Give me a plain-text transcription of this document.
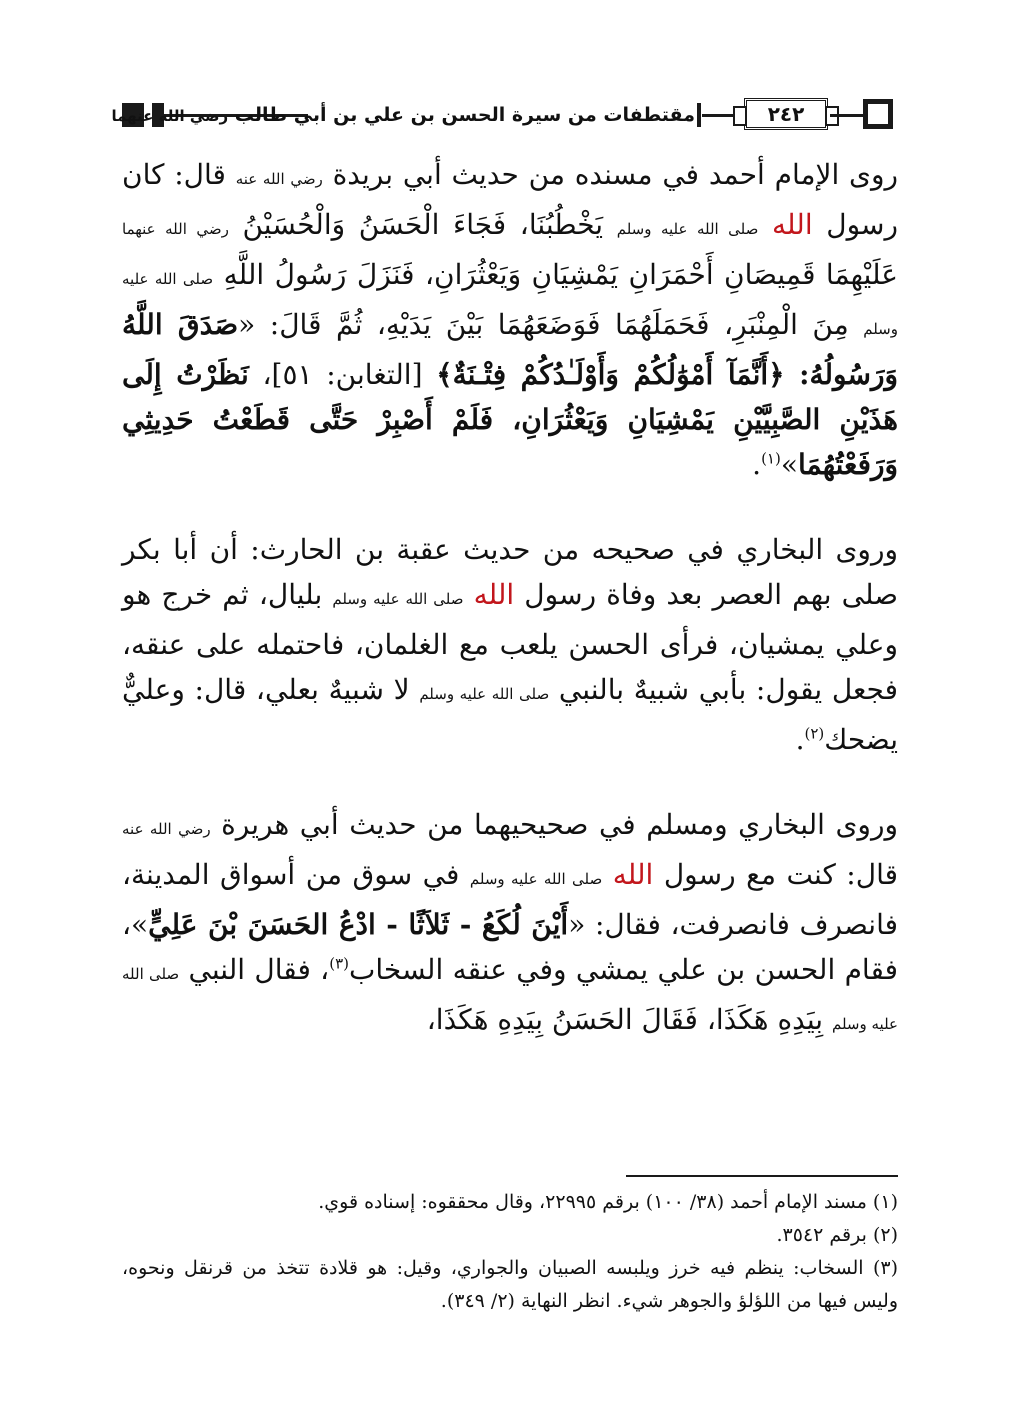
مقتطفات من سيرة الحسن بن علي بن أبي طالب رضي الله عنهما	٢٤٢

روى الإمام أحمد في مسنده من حديث أبي بريدة رضي الله عنه قال: كان رسول الله صلى الله عليه وسلم يَخْطُبُنَا، فَجَاءَ الْحَسَنُ وَالْحُسَيْنُ رضي الله عنهما عَلَيْهِمَا قَمِيصَانِ أَحْمَرَانِ يَمْشِيَانِ وَيَعْثُرَانِ، فَنَزَلَ رَسُولُ اللَّهِ صلى الله عليه وسلم مِنَ الْمِنْبَرِ، فَحَمَلَهُمَا فَوَضَعَهُمَا بَيْنَ يَدَيْهِ، ثُمَّ قَالَ: «صَدَقَ اللَّهُ وَرَسُولُهُ: ﴿أَنَّمَآ أَمْوَٰلُكُمْ وَأَوْلَـٰدُكُمْ فِتْـنَةٌ﴾ [التغابن: ٥١]، نَظَرْتُ إِلَى هَذَيْنِ الصَّبِيَّيْنِ يَمْشِيَانِ وَيَعْثُرَانِ، فَلَمْ أَصْبِرْ حَتَّى قَطَعْتُ حَدِيثِي وَرَفَعْتُهُمَا»$^{(١)}$.

وروى البخاري في صحيحه من حديث عقبة بن الحارث: أن أبا بكر صلى بهم العصر بعد وفاة رسول الله صلى الله عليه وسلم بليال، ثم خرج هو وعلي يمشيان، فرأى الحسن يلعب مع الغلمان، فاحتمله على عنقه، فجعل يقول: بأبي شبيهٌ بالنبي صلى الله عليه وسلم لا شبيهٌ بعلي، قال: وعليٌّ يضحك$^{(٢)}$.

وروى البخاري ومسلم في صحيحيهما من حديث أبي هريرة رضي الله عنه قال: كنت مع رسول الله صلى الله عليه وسلم في سوق من أسواق المدينة، فانصرف فانصرفت، فقال: «أَيْنَ لُكَعُ - ثَلاَثًا - ادْعُ الحَسَنَ بْنَ عَلِيٍّ»، فقام الحسن بن علي يمشي وفي عنقه السخاب$^{(٣)}$، فقال النبي صلى الله عليه وسلم بِيَدِهِ هَكَذَا، فَقَالَ الحَسَنُ بِيَدِهِ هَكَذَا،

(١) مسند الإمام أحمد (٣٨/ ١٠٠) برقم ٢٢٩٩٥، وقال محققوه: إسناده قوي.

(٢) برقم ٣٥٤٢.

(٣) السخاب: ينظم فيه خرز ويلبسه الصبيان والجواري، وقيل: هو قلادة تتخذ من قرنقل ونحوه، وليس فيها من اللؤلؤ والجوهر شيء. انظر النهاية (٢/ ٣٤٩).
